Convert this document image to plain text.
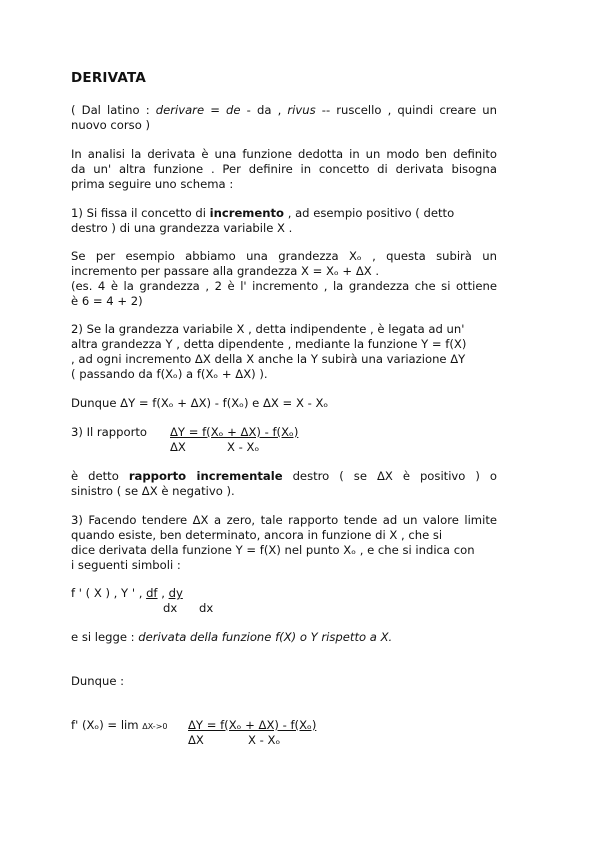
DERIVATA
( Dal latino : derivare = de - da , rivus -- ruscello , quindi creare un
nuovo corso )
In analisi la derivata è una funzione dedotta in un modo ben definito
da un' altra funzione . Per definire in concetto di derivata bisogna
prima seguire uno schema :
1) Si fissa il concetto di incremento , ad esempio positivo ( detto
destro ) di una grandezza variabile X .
Se per esempio abbiamo una grandezza Xₒ , questa subirà un
incremento per passare alla grandezza X = Xₒ + ΔX .
(es. 4 è la grandezza , 2 è l' incremento , la grandezza che si ottiene
è 6 = 4 + 2)
2) Se la grandezza variabile X , detta indipendente , è legata ad un'
altra grandezza Y , detta dipendente , mediante la funzione Y = f(X)
, ad ogni incremento ΔX della X anche la Y subirà una variazione ΔY
( passando da f(Xₒ) a f(Xₒ + ΔX) ).
Dunque ΔY = f(Xₒ + ΔX) - f(Xₒ) e ΔX = X - Xₒ
3) Il rapporto ΔY = f(Xₒ + ΔX) - f(Xₒ)
ΔX	X - Xₒ
è detto rapporto incrementale destro ( se ΔX è positivo ) o
sinistro ( se ΔX è negativo ).
3) Facendo tendere ΔX a zero, tale rapporto tende ad un valore limite
quando esiste, ben determinato, ancora in funzione di X , che si
dice derivata della funzione Y = f(X) nel punto Xₒ , e che si indica con
i seguenti simboli :
f ' ( X ) , Y ' , df , dy
dx dx
e si legge : derivata della funzione f(X) o Y rispetto a X.
Dunque :
f' (Xₒ) = lim ΔX->0 ΔY = f(Xₒ + ΔX) - f(Xₒ)
ΔX	X - Xₒ
